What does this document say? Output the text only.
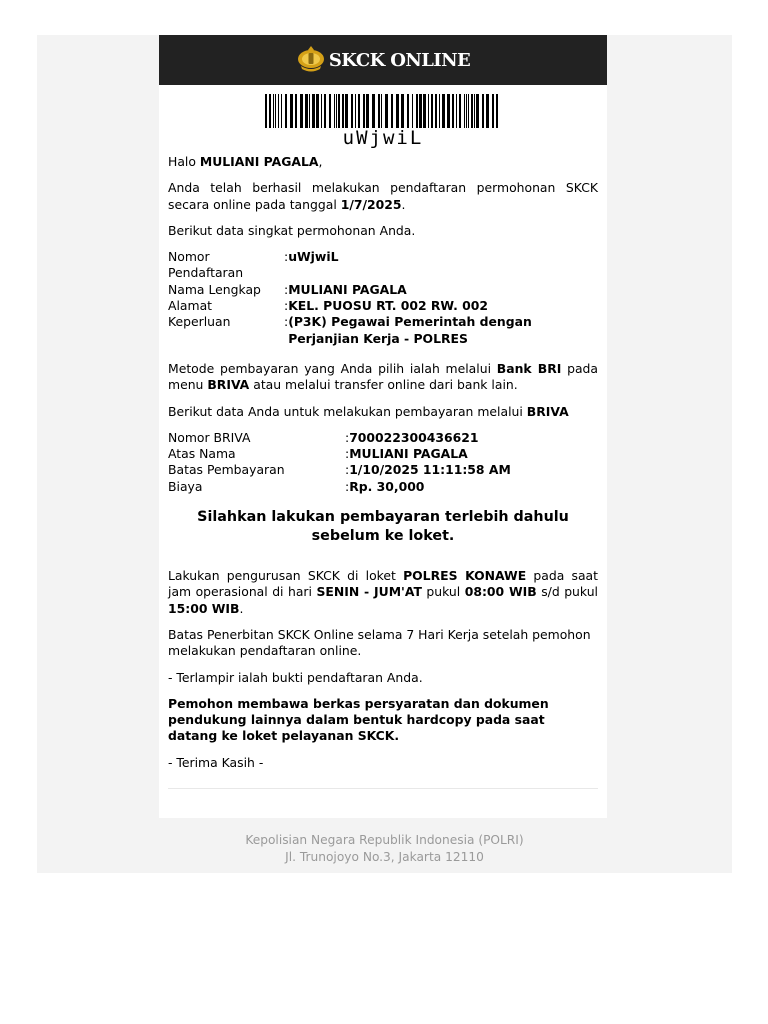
SKCK ONLINE
uWjwiL

Halo MULIANI PAGALA,

Anda telah berhasil melakukan pendaftaran permohonan SKCK secara online pada tanggal 1/7/2025.

Berikut data singkat permohonan Anda.

Nomor Pendaftaran	:	uWjwiL
Nama Lengkap	:	MULIANI PAGALA
Alamat	:	KEL. PUOSU RT. 002 RW. 002
Keperluan	:	(P3K) Pegawai Pemerintah dengan Perjanjian Kerja - POLRES

Metode pembayaran yang Anda pilih ialah melalui Bank BRI pada menu BRIVA atau melalui transfer online dari bank lain.

Berikut data Anda untuk melakukan pembayaran melalui BRIVA

Nomor BRIVA	:	700022300436621
Atas Nama	:	MULIANI PAGALA
Batas Pembayaran	:	1/10/2025 11:11:58 AM
Biaya	:	Rp. 30,000
Silahkan lakukan pembayaran terlebih dahulu sebelum ke loket.

Lakukan pengurusan SKCK di loket POLRES KONAWE pada saat jam operasional di hari SENIN - JUM'AT pukul 08:00 WIB s/d pukul 15:00 WIB.

Batas Penerbitan SKCK Online selama 7 Hari Kerja setelah pemohon melakukan pendaftaran online.

- Terlampir ialah bukti pendaftaran Anda.

Pemohon membawa berkas persyaratan dan dokumen pendukung lainnya dalam bentuk hardcopy pada saat datang ke loket pelayanan SKCK.

- Terima Kasih -

Kepolisian Negara Republik Indonesia (POLRI)
Jl. Trunojoyo No.3, Jakarta 12110
